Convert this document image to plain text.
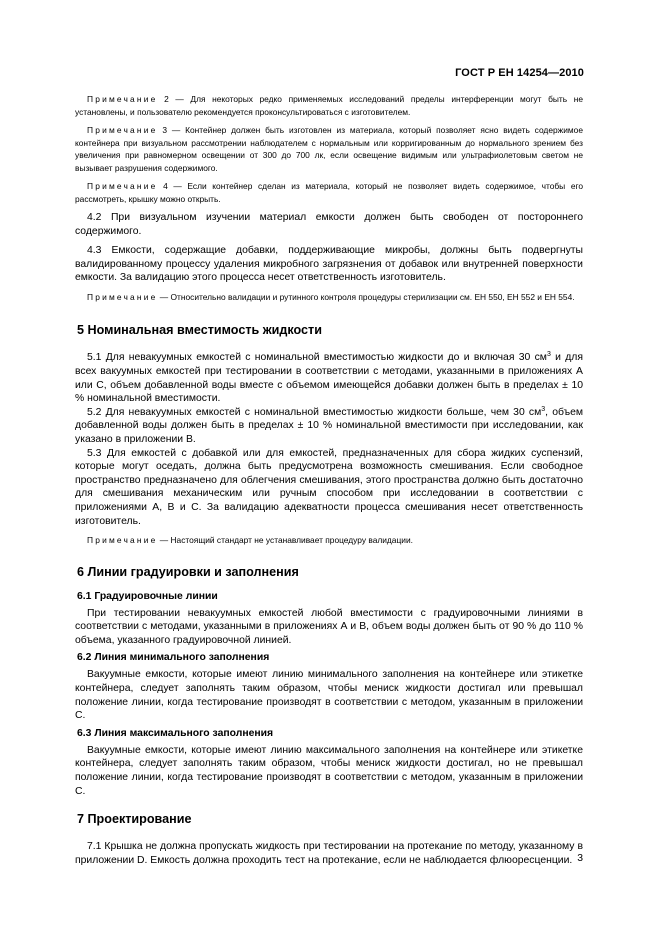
ГОСТ Р ЕН 14254—2010

Примечание 2 — Для некоторых редко применяемых исследований пределы интерференции могут быть не установлены, и пользователю рекомендуется проконсультироваться с изготовителем.

Примечание 3 — Контейнер должен быть изготовлен из материала, который позволяет ясно видеть содержимое контейнера при визуальном рассмотрении наблюдателем с нормальным или корригированным до нормального зрением без увеличения при равномерном освещении от 300 до 700 лк, если освещение видимым или ультрафиолетовым светом не вызывает разрушения содержимого.

Примечание 4 — Если контейнер сделан из материала, который не позволяет видеть содержимое, чтобы его рассмотреть, крышку можно открыть.

4.2 При визуальном изучении материал емкости должен быть свободен от постороннего содержимого.

4.3 Емкости, содержащие добавки, поддерживающие микробы, должны быть подвергнуты валидированному процессу удаления микробного загрязнения от добавок или внутренней поверхности емкости. За валидацию этого процесса несет ответственность изготовитель.

Примечание — Относительно валидации и рутинного контроля процедуры стерилизации см. ЕН 550, ЕН 552 и ЕН 554.

5 Номинальная вместимость жидкости

5.1 Для невакуумных емкостей с номинальной вместимостью жидкости до и включая 30 $см^3$ и для всех вакуумных емкостей при тестировании в соответствии с методами, указанными в приложениях А или С, объем добавленной воды вместе с объемом имеющейся добавки должен быть в пределах ± 10 % номинальной вместимости.

5.2 Для невакуумных емкостей с номинальной вместимостью жидкости больше, чем 30 $см^3$, объем добавленной воды должен быть в пределах ± 10 % номинальной вместимости при исследовании, как указано в приложении В.

5.3 Для емкостей с добавкой или для емкостей, предназначенных для сбора жидких суспензий, которые могут оседать, должна быть предусмотрена возможность смешивания. Если свободное пространство предназначено для облегчения смешивания, этого пространства должно быть достаточно для смешивания механическим или ручным способом при исследовании в соответствии с приложениями А, В и С. За валидацию адекватности процесса смешивания несет ответственность изготовитель.

Примечание — Настоящий стандарт не устанавливает процедуру валидации.

6 Линии градуировки и заполнения

6.1 Градуировочные линии

При тестировании невакуумных емкостей любой вместимости с градуировочными линиями в соответствии с методами, указанными в приложениях А и В, объем воды должен быть от 90 % до 110 % объема, указанного градуировочной линией.

6.2 Линия минимального заполнения

Вакуумные емкости, которые имеют линию минимального заполнения на контейнере или этикетке контейнера, следует заполнять таким образом, чтобы мениск жидкости достигал или превышал положение линии, когда тестирование производят в соответствии с методом, указанным в приложении С.

6.3 Линия максимального заполнения

Вакуумные емкости, которые имеют линию максимального заполнения на контейнере или этикетке контейнера, следует заполнять таким образом, чтобы мениск жидкости достигал, но не превышал положение линии, когда тестирование производят в соответствии с методом, указанным в приложении С.

7 Проектирование

7.1 Крышка не должна пропускать жидкость при тестировании на протекание по методу, указанному в приложении D. Емкость должна проходить тест на протекание, если не наблюдается флюоресценции. 3
